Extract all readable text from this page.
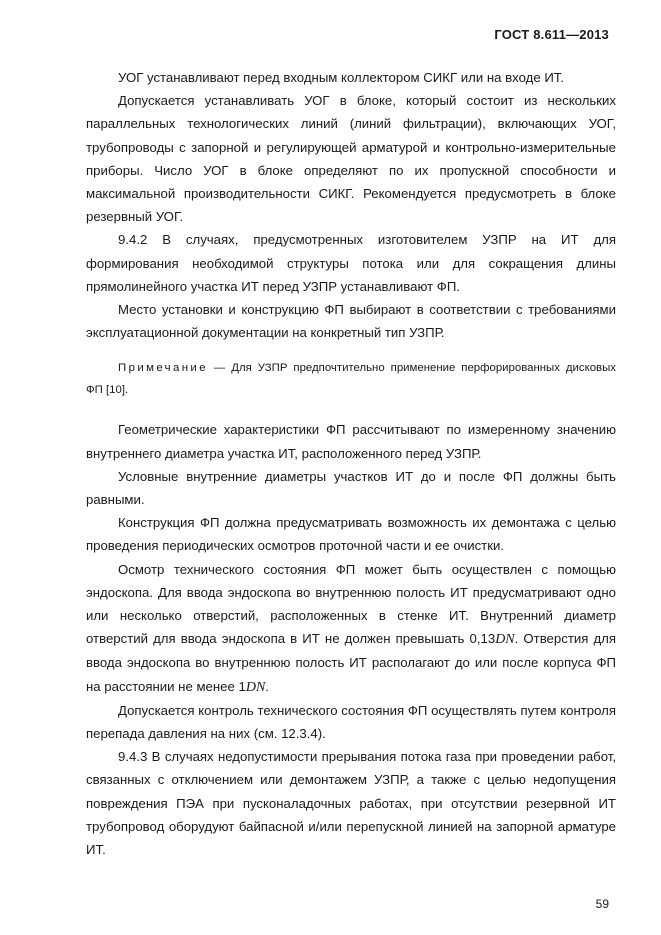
ГОСТ 8.611—2013

УОГ устанавливают перед входным коллектором СИКГ или на входе ИТ.

Допускается устанавливать УОГ в блоке, который состоит из нескольких параллельных технологических линий (линий фильтрации), включающих УОГ, трубопроводы с запорной и регулирующей арматурой и контрольно-измерительные приборы. Число УОГ в блоке определяют по их пропускной способности и максимальной производительности СИКГ. Рекомендуется предусмотреть в блоке резервный УОГ.

9.4.2 В случаях, предусмотренных изготовителем УЗПР на ИТ для формирования необходимой структуры потока или для сокращения длины прямолинейного участка ИТ перед УЗПР устанавливают ФП.

Место установки и конструкцию ФП выбирают в соответствии с требованиями эксплуатационной документации на конкретный тип УЗПР.

Примечание — Для УЗПР предпочтительно применение перфорированных дисковых ФП [10].

Геометрические характеристики ФП рассчитывают по измеренному значению внутреннего диаметра участка ИТ, расположенного перед УЗПР.

Условные внутренние диаметры участков ИТ до и после ФП должны быть равными.

Конструкция ФП должна предусматривать возможность их демонтажа с целью проведения периодических осмотров проточной части и ее очистки.

Осмотр технического состояния ФП может быть осуществлен с помощью эндоскопа. Для ввода эндоскопа во внутреннюю полость ИТ предусматривают одно или несколько отверстий, расположенных в стенке ИТ. Внутренний диаметр отверстий для ввода эндоскопа в ИТ не должен превышать 0,13DN. Отверстия для ввода эндоскопа во внутреннюю полость ИТ располагают до или после корпуса ФП на расстоянии не менее 1DN.

Допускается контроль технического состояния ФП осуществлять путем контроля перепада давления на них (см. 12.3.4).

9.4.3 В случаях недопустимости прерывания потока газа при проведении работ, связанных с отключением или демонтажем УЗПР, а также с целью недопущения повреждения ПЭА при пусконаладочных работах, при отсутствии резервной ИТ трубопровод оборудуют байпасной и/или перепускной линией на запорной арматуре ИТ.

59
